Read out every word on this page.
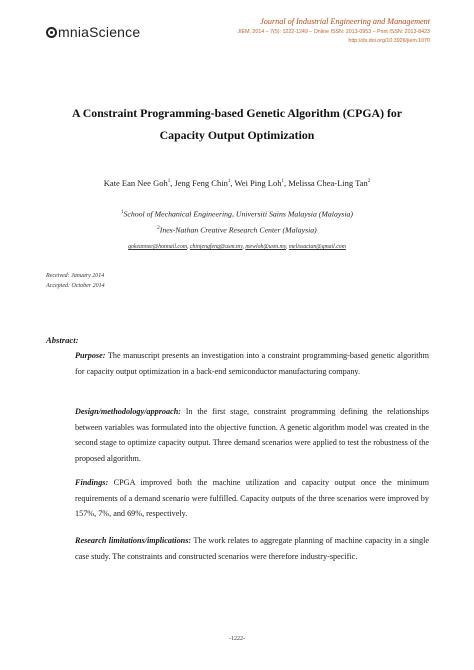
mniaScience
Journal of Industrial Engineering and Management
JIEM, 2014 – 7(5): 1222-1249 – Online ISSN: 2013-0953 – Print ISSN: 2013-8423
http://dx.doi.org/10.3926/jiem.1070
A Constraint Programming-based Genetic Algorithm (CPGA) for
Capacity Output Optimization
Kate Ean Nee Goh$^1$, Jeng Feng Chin$^1$, Wei Ping Loh$^1$, Melissa Chea-Ling Tan$^2$
$^1$School of Mechanical Engineering, Universiti Sains Malaysia (Malaysia)
$^2$Ines-Nathan Creative Research Center (Malaysia)
gokeannee@hotmail.com, chinjengfeng@usm.my, mewloh@usm.my, melissactan@gmail.com
Received: January 2014
Accepted: October 2014
Abstract:
Purpose: The manuscript presents an investigation into a constraint programming-based genetic algorithm for capacity output optimization in a back-end semiconductor manufacturing company.
Design/methodology/approach: In the first stage, constraint programming defining the relationships between variables was formulated into the objective function. A genetic algorithm model was created in the second stage to optimize capacity output. Three demand scenarios were applied to test the robustness of the proposed algorithm.
Findings: CPGA improved both the machine utilization and capacity output once the minimum requirements of a demand scenario were fulfilled. Capacity outputs of the three scenarios were improved by 157%, 7%, and 69%, respectively.
Research limitations/implications: The work relates to aggregate planning of machine capacity in a single case study. The constraints and constructed scenarios were therefore industry-specific.
-1222-
